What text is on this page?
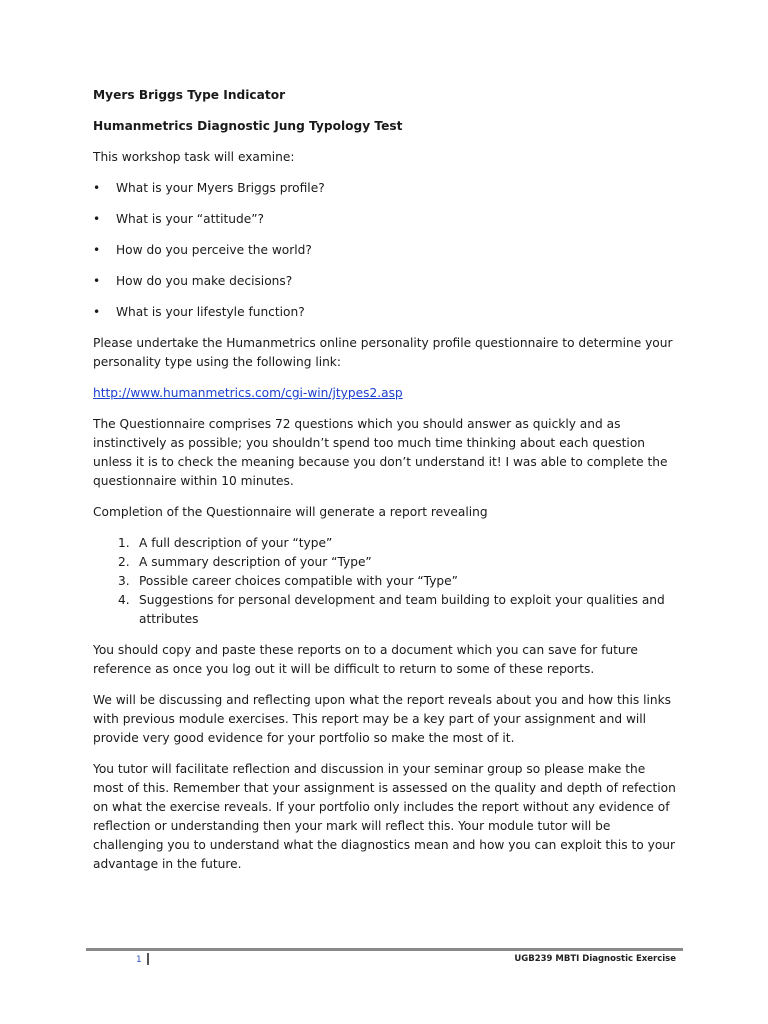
Myers Briggs Type Indicator

Humanmetrics Diagnostic Jung Typology Test

This workshop task will examine:

• What is your Myers Briggs profile?
• What is your “attitude”?
• How do you perceive the world?
• How do you make decisions?
• What is your lifestyle function?

Please undertake the Humanmetrics online personality profile questionnaire to determine your personality type using the following link:

http://www.humanmetrics.com/cgi-win/jtypes2.asp

The Questionnaire comprises 72 questions which you should answer as quickly and as instinctively as possible; you shouldn’t spend too much time thinking about each question unless it is to check the meaning because you don’t understand it! I was able to complete the questionnaire within 10 minutes.

Completion of the Questionnaire will generate a report revealing

1. A full description of your “type”
2. A summary description of your “Type”
3. Possible career choices compatible with your “Type”
4. Suggestions for personal development and team building to exploit your qualities and attributes

You should copy and paste these reports on to a document which you can save for future reference as once you log out it will be difficult to return to some of these reports.

We will be discussing and reflecting upon what the report reveals about you and how this links with previous module exercises. This report may be a key part of your assignment and will provide very good evidence for your portfolio so make the most of it.

You tutor will facilitate reflection and discussion in your seminar group so please make the most of this. Remember that your assignment is assessed on the quality and depth of refection on what the exercise reveals. If your portfolio only includes the report without any evidence of reflection or understanding then your mark will reflect this. Your module tutor will be challenging you to understand what the diagnostics mean and how you can exploit this to your advantage in the future.

1	UGB239 MBTI Diagnostic Exercise
